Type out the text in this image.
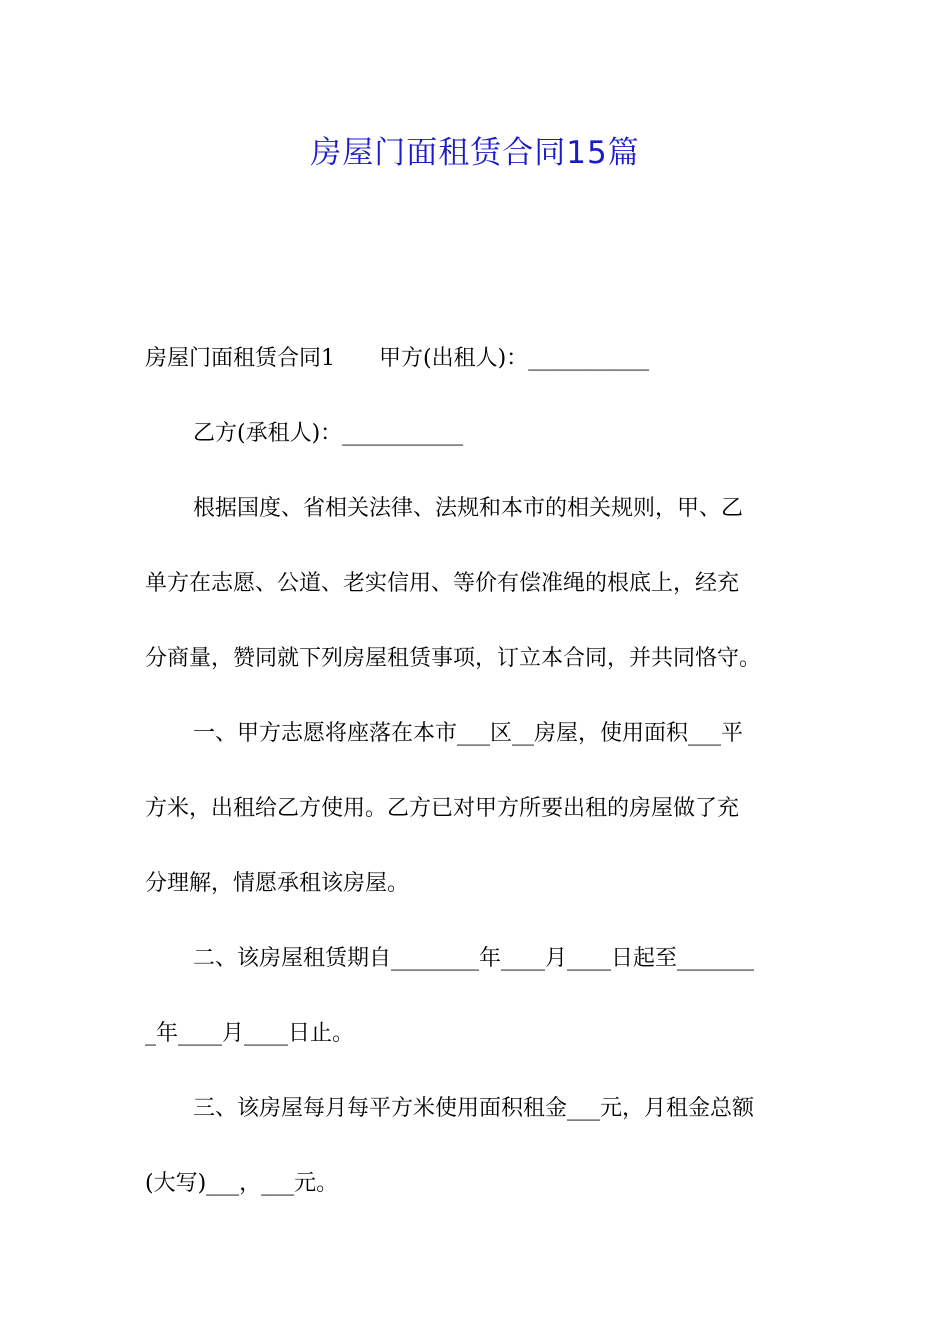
房屋门面租赁合同15篇
房屋门面租赁合同1　　甲方(出租人)：___________
乙方(承租人)：___________
根据国度、省相关法律、法规和本市的相关规则，甲、乙
单方在志愿、公道、老实信用、等价有偿准绳的根底上，经充
分商量，赞同就下列房屋租赁事项，订立本合同，并共同恪守。
一、甲方志愿将座落在本市___区__房屋，使用面积___平
方米，出租给乙方使用。乙方已对甲方所要出租的房屋做了充
分理解，情愿承租该房屋。
二、该房屋租赁期自________年____月____日起至_______
_年____月____日止。
三、该房屋每月每平方米使用面积租金___元，月租金总额
(大写)___，___元。
